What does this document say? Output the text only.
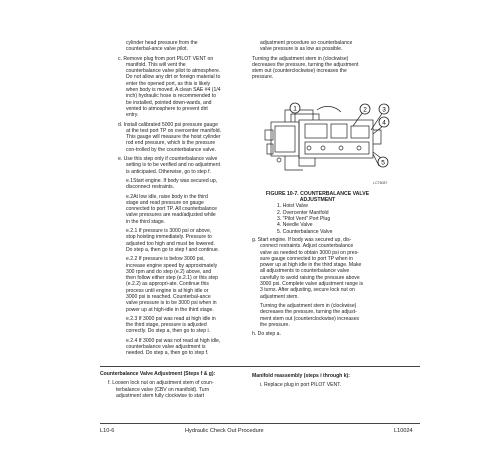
cylinder head pressure from the counterbal-ance valve pilot.

c. Remove plug from port PILOT VENT on manifold. This will vent the counterbalance valve pilot to atmosphere. Do not allow any dirt or foreign material to enter the opened port, as this is likely when body is moved. A clean SAE #4 (1/4 inch) hydraulic hose is recommended to be installed, pointed down-wards, and vented to atmosphere to prevent dirt entry.

d. Install calibrated 5000 psi pressure gauge at the test port TP on overcenter manifold. This gauge will measure the hoist cylinder rod end pressure, which is the pressure con-trolled by the counterbalance valve.

e. Use this step only if counterbalance valve setting is to be verified and no adjustment is anticipated. Otherwise, go to step f.

e.1Start engine. If body was secured up, disconnect restraints.

e.2At low idle, raise body in the third stage and read pressure on gauge connected to port TP. All counterbalance valve pressures are read/adjusted while in the third stage.

e.2.1 If pressure is 3000 psi or above, stop hoisting immediately. Pressure to adjusted too high and must be lowered. Do step a, then go to step f and continue.

e.2.2 If pressure is below 3000 psi, increase engine speed by approximately 300 rpm and do step (e.2) above, and then follow either step (e.2.1) or this step (e.2.2) as appropri-ate. Continue this process until engine is at high idle or 3000 psi is reached. Counterbal-ance valve pressure is to be 3000 psi when in power up at high-idle in the third stage.

e.2.3 If 3000 psi was read at high idle in the third stage, pressure is adjusted correctly. Do step a, then go to step i.

e.2.4 If 3000 psi was not read at high idle, counterbalance valve adjustment is needed. Do step a, then go to step f.

adjustment procedure so counterbalance valve pressure is as low as possible.

Turning the adjustment stem in (clockwise) decreases the pressure, turning the adjustment stem out (counterclockwise) increases the pressure.

1	2 3
4
5
LCT6087
FIGURE 10-7. COUNTERBALANCE VALVE ADJUSTMENT
1. Hoist Valve
2. Overcenter Manifold
3. "Pilot Vent" Port Plug
4. Needle Valve
5. Counterbalance Valve

g. Start engine. If body was secured up, dis-connect restraints. Adjust counterbalance valve as needed to obtain 3000 psi on pres-sure gauge connected to port TP when in power up at high idle in the third stage. Make all adjustments to counterbalance valve carefully to avoid raising the pressure above 3000 psi. Complete valve adjustment range is 3 turns. After adjusting, secure lock nut on adjustment stem.

Turning the adjustment stem in (clockwise) decreases the pressure, turning the adjust-ment stem out (counterclockwise) increases the pressure.

h. Do step a.

Counterbalance Valve Adjustment (Steps f & g):

f. Loosen lock nut on adjustment stem of coun-terbalance valve (CBV on manifold). Turn adjustment stem fully clockwise to start

Manifold reassembly (steps i through k):

i. Replace plug in port PILOT VENT.

L10-6	Hydraulic Check Out Procedure	L10024
